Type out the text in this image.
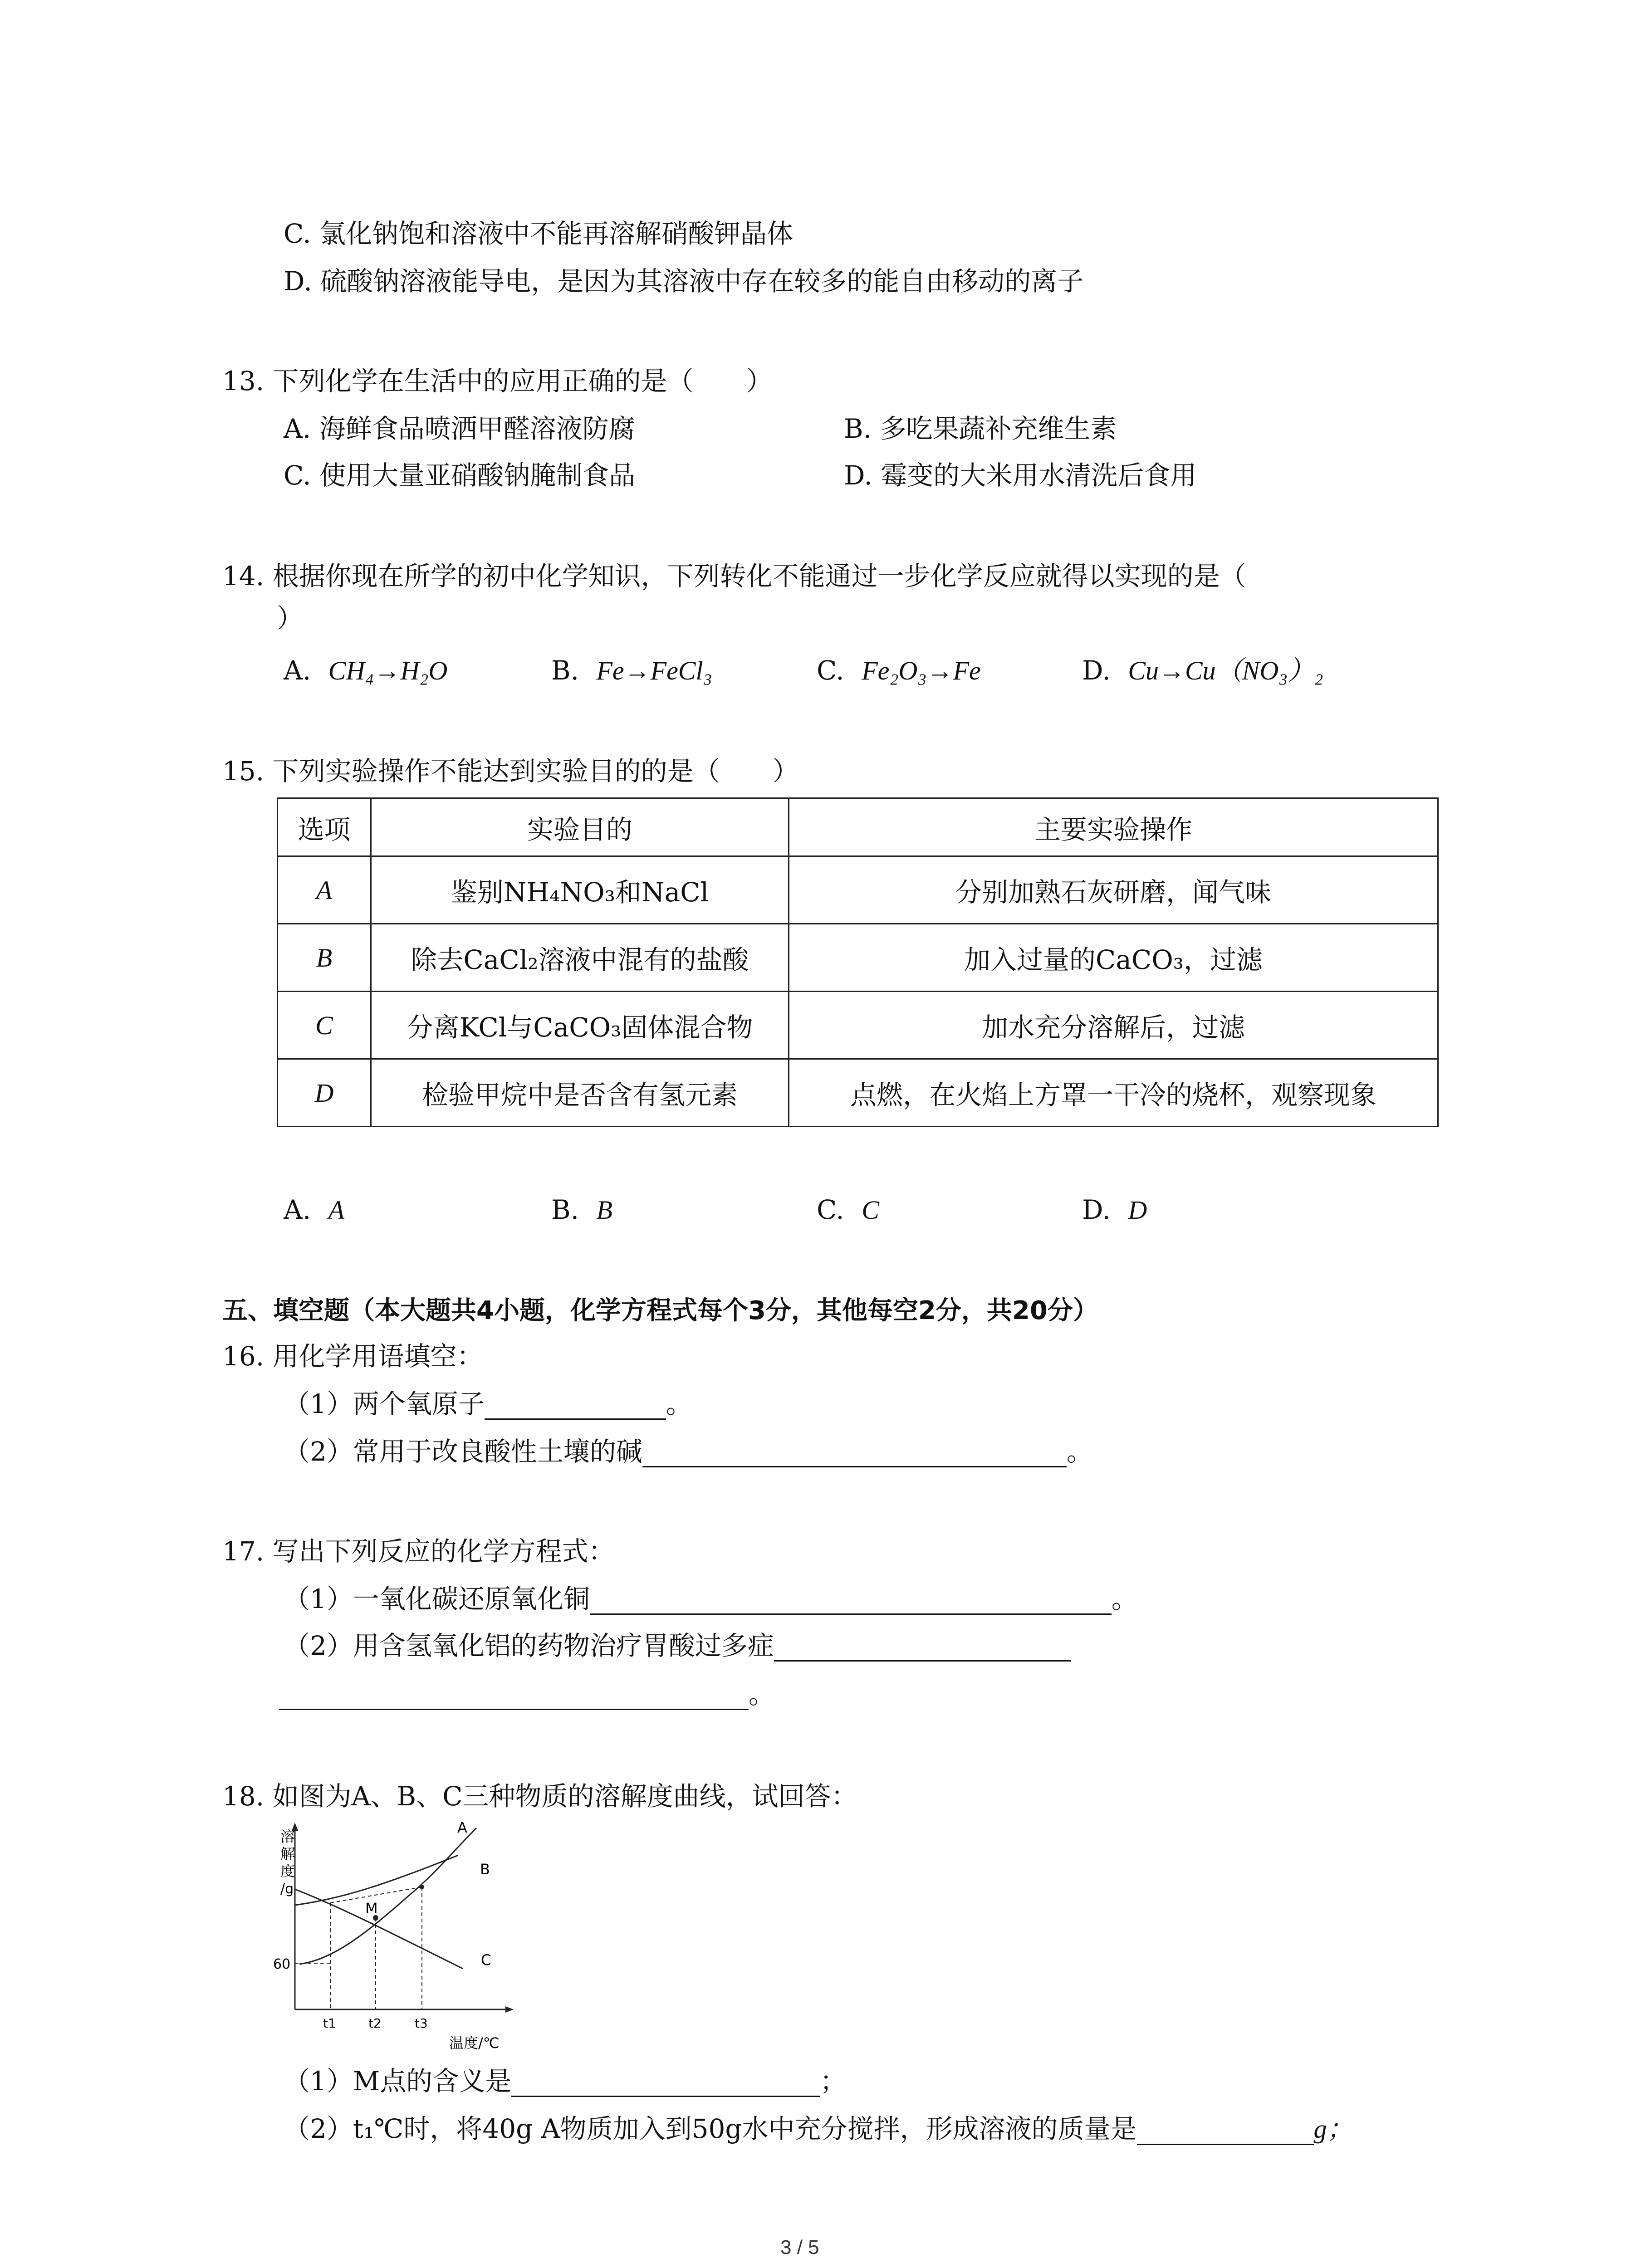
C. 氯化钠饱和溶液中不能再溶解硝酸钾晶体
D. 硫酸钠溶液能导电，是因为其溶液中存在较多的能自由移动的离子
13. 下列化学在生活中的应用正确的是（　　）
A. 海鲜食品喷洒甲醛溶液防腐	B. 多吃果蔬补充维生素
C. 使用大量亚硝酸钠腌制食品	D. 霉变的大米用水清洗后食用
14. 根据你现在所学的初中化学知识，下列转化不能通过一步化学反应就得以实现的是（
）
A. CH₄→H₂O	B. Fe→FeCl₃	C. Fe₂O₃→Fe	D. Cu→Cu（NO₃）₂
15. 下列实验操作不能达到实验目的的是（　　）
选项	实验目的	主要实验操作
A	鉴别NH₄NO₃和NaCl	分别加熟石灰研磨，闻气味
B	除去CaCl₂溶液中混有的盐酸	加入过量的CaCO₃，过滤
C	分离KCl与CaCO₃固体混合物	加水充分溶解后，过滤
D	检验甲烷中是否含有氢元素	点燃，在火焰上方罩一干冷的烧杯，观察现象
A. A	B. B	C. C	D. D
五、填空题（本大题共4小题，化学方程式每个3分，其他每空2分，共20分）
16. 用化学用语填空：
（1）两个氧原子	。
（2）常用于改良酸性土壤的碱	。
17. 写出下列反应的化学方程式：
（1）一氧化碳还原氧化铜	。
（2）用含氢氧化铝的药物治疗胃酸过多症
。
18. 如图为A、B、C三种物质的溶解度曲线，试回答：
溶
解
度
/g
A
B
C
M
60
t1	t2	t3
温度/℃
（1）M点的含义是	；
（2）t₁℃时，将40g A物质加入到50g水中充分搅拌，形成溶液的质量是	g；
3 / 5
